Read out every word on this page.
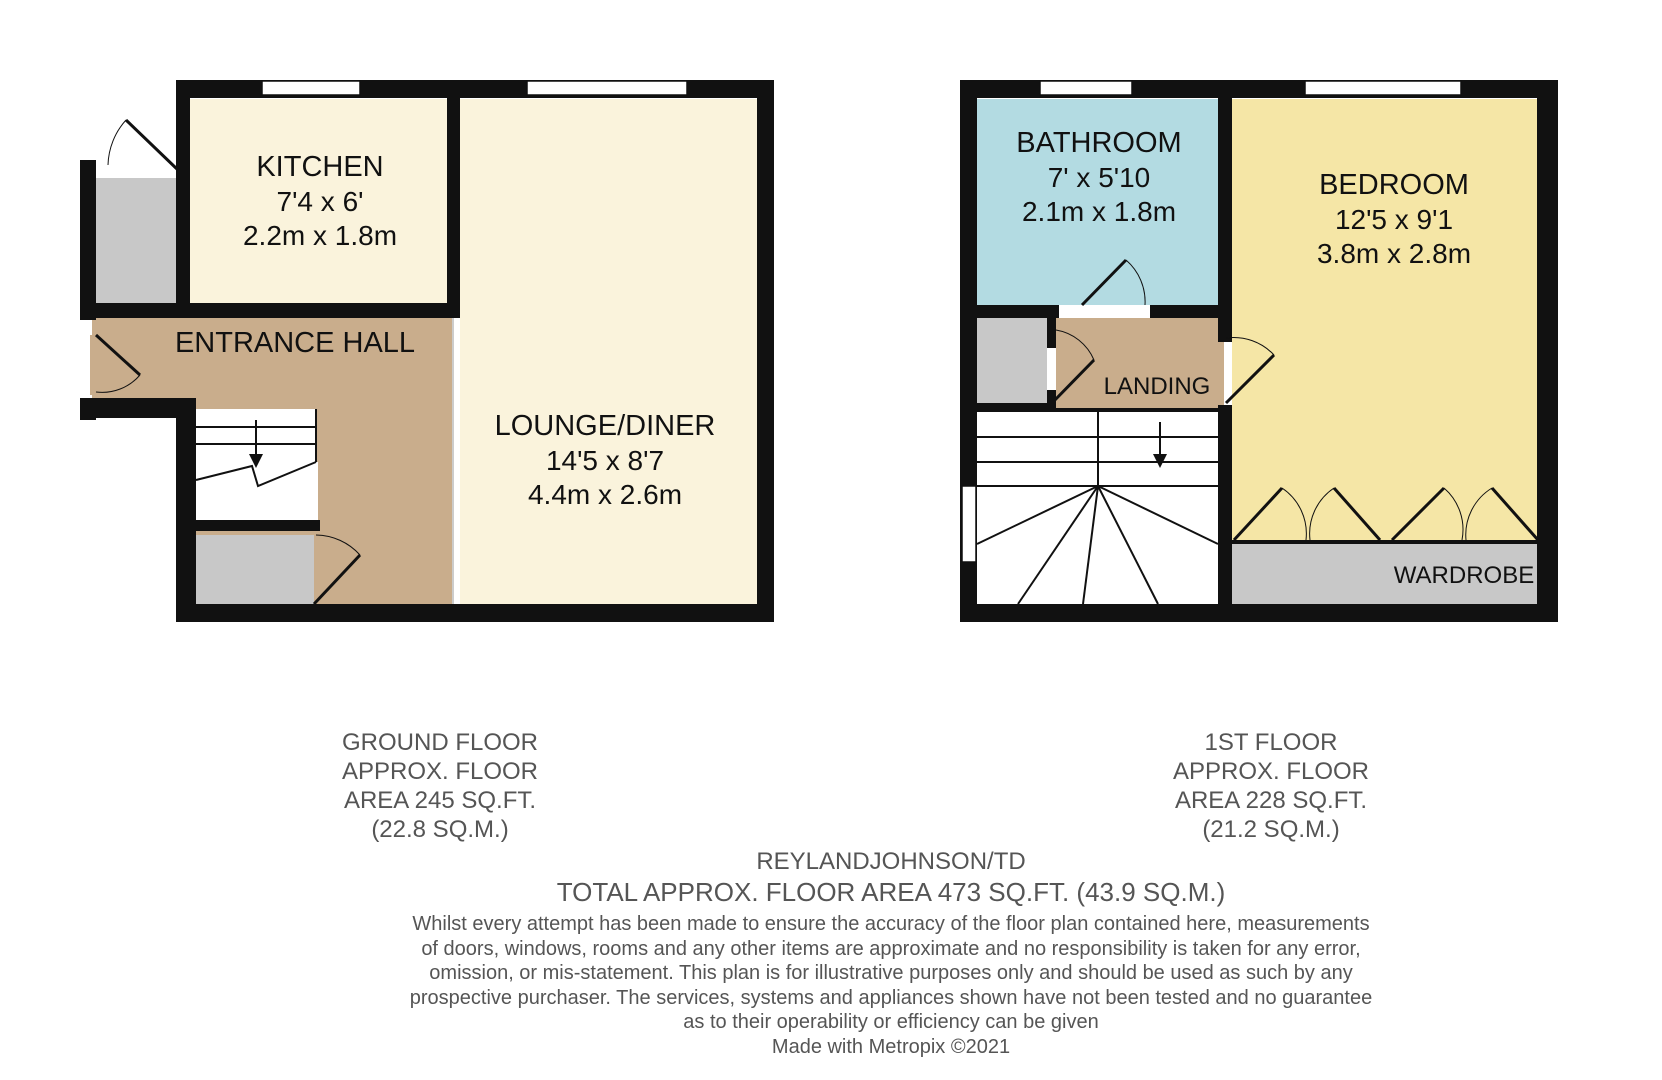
KITCHEN
7'4 x 6'
2.2m x 1.8m
ENTRANCE HALL
LOUNGE/DINER
14'5 x 8'7
4.4m x 2.6m
BATHROOM
7' x 5'10
2.1m x 1.8m
BEDROOM
12'5 x 9'1
3.8m x 2.8m
LANDING
WARDROBE
GROUND FLOOR
APPROX. FLOOR
AREA 245 SQ.FT.
(22.8 SQ.M.)
1ST FLOOR
APPROX. FLOOR
AREA 228 SQ.FT.
(21.2 SQ.M.)
REYLANDJOHNSON/TD
TOTAL APPROX. FLOOR AREA 473 SQ.FT. (43.9 SQ.M.)
Whilst every attempt has been made to ensure the accuracy of the floor plan contained here, measurements
of doors, windows, rooms and any other items are approximate and no responsibility is taken for any error,
omission, or mis-statement. This plan is for illustrative purposes only and should be used as such by any
prospective purchaser. The services, systems and appliances shown have not been tested and no guarantee
as to their operability or efficiency can be given
Made with Metropix ©2021
